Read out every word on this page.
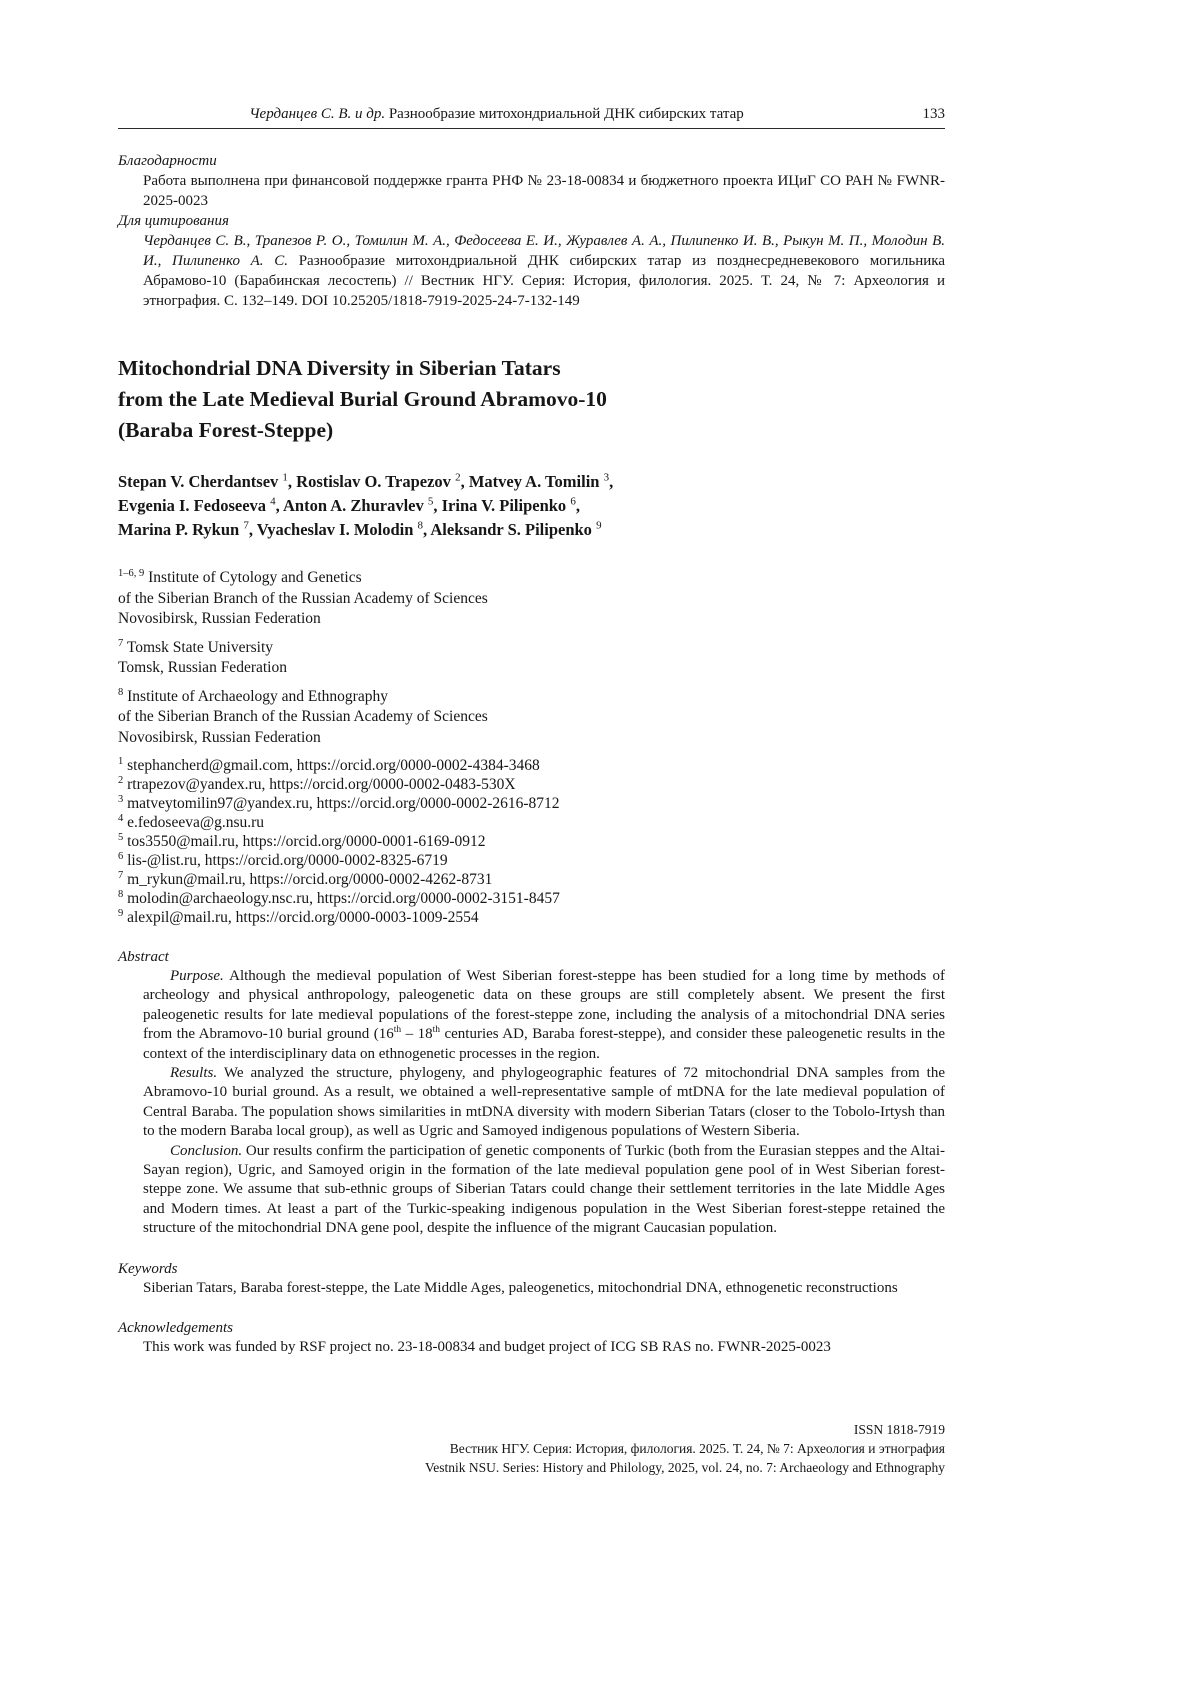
Черданцев С. В. и др. Разнообразие митохондриальной ДНК сибирских татар	133
Благодарности

Работа выполнена при финансовой поддержке гранта РНФ № 23-18-00834 и бюджетного проекта ИЦиГ СО РАН № FWNR-2025-0023

Для цитирования

Черданцев С. В., Трапезов Р. О., Томилин М. А., Федосеева Е. И., Журавлев А. А., Пилипенко И. В., Рыкун М. П., Молодин В. И., Пилипенко А. С. Разнообразие митохондриальной ДНК сибирских татар из позднесредневекового могильника Абрамово-10 (Барабинская лесостепь) // Вестник НГУ. Серия: История, филология. 2025. Т. 24, № 7: Археология и этнография. С. 132–149. DOI 10.25205/1818-7919-2025-24-7-132-149

Mitochondrial DNA Diversity in Siberian Tatars
from the Late Medieval Burial Ground Abramovo-10
(Baraba Forest-Steppe)
Stepan V. Cherdantsev $^1$, Rostislav O. Trapezov $^2$, Matvey A. Tomilin $^3$,
Evgenia I. Fedoseeva $^4$, Anton A. Zhuravlev $^5$, Irina V. Pilipenko $^6$,
Marina P. Rykun $^7$, Vyacheslav I. Molodin $^8$, Aleksandr S. Pilipenko $^9$
$^{1-6, 9}$ Institute of Cytology and Genetics
of the Siberian Branch of the Russian Academy of Sciences
Novosibirsk, Russian Federation
$^7$ Tomsk State University
Tomsk, Russian Federation
$^8$ Institute of Archaeology and Ethnography
of the Siberian Branch of the Russian Academy of Sciences
Novosibirsk, Russian Federation
$^1$ stephancherd@gmail.com, https://orcid.org/0000-0002-4384-3468
$^2$ rtrapezov@yandex.ru, https://orcid.org/0000-0002-0483-530X
$^3$ matveytomilin97@yandex.ru, https://orcid.org/0000-0002-2616-8712
$^4$ e.fedoseeva@g.nsu.ru
$^5$ tos3550@mail.ru, https://orcid.org/0000-0001-6169-0912
$^6$ lis-@list.ru, https://orcid.org/0000-0002-8325-6719
$^7$ m_rykun@mail.ru, https://orcid.org/0000-0002-4262-8731
$^8$ molodin@archaeology.nsc.ru, https://orcid.org/0000-0002-3151-8457
$^9$ alexpil@mail.ru, https://orcid.org/0000-0003-1009-2554
Abstract

Purpose. Although the medieval population of West Siberian forest-steppe has been studied for a long time by methods of archeology and physical anthropology, paleogenetic data on these groups are still completely absent. We present the first paleogenetic results for late medieval populations of the forest-steppe zone, including the analysis of a mitochondrial DNA series from the Abramovo-10 burial ground (16th – 18th centuries AD, Baraba forest-steppe), and consider these paleogenetic results in the context of the interdisciplinary data on ethnogenetic processes in the region.

Results. We analyzed the structure, phylogeny, and phylogeographic features of 72 mitochondrial DNA samples from the Abramovo-10 burial ground. As a result, we obtained a well-representative sample of mtDNA for the late medieval population of Central Baraba. The population shows similarities in mtDNA diversity with modern Siberian Tatars (closer to the Tobolo-Irtysh than to the modern Baraba local group), as well as Ugric and Samoyed indigenous populations of Western Siberia.

Conclusion. Our results confirm the participation of genetic components of Turkic (both from the Eurasian steppes and the Altai-Sayan region), Ugric, and Samoyed origin in the formation of the late medieval population gene pool of in West Siberian forest-steppe zone. We assume that sub-ethnic groups of Siberian Tatars could change their settlement territories in the late Middle Ages and Modern times. At least a part of the Turkic-speaking indigenous population in the West Siberian forest-steppe retained the structure of the mitochondrial DNA gene pool, despite the influence of the migrant Caucasian population.

Keywords

Siberian Tatars, Baraba forest-steppe, the Late Middle Ages, paleogenetics, mitochondrial DNA, ethnogenetic reconstructions

Acknowledgements

This work was funded by RSF project no. 23-18-00834 and budget project of ICG SB RAS no. FWNR-2025-0023

ISSN 1818-7919
Вестник НГУ. Серия: История, филология. 2025. Т. 24, № 7: Археология и этнография
Vestnik NSU. Series: History and Philology, 2025, vol. 24, no. 7: Archaeology and Ethnography
